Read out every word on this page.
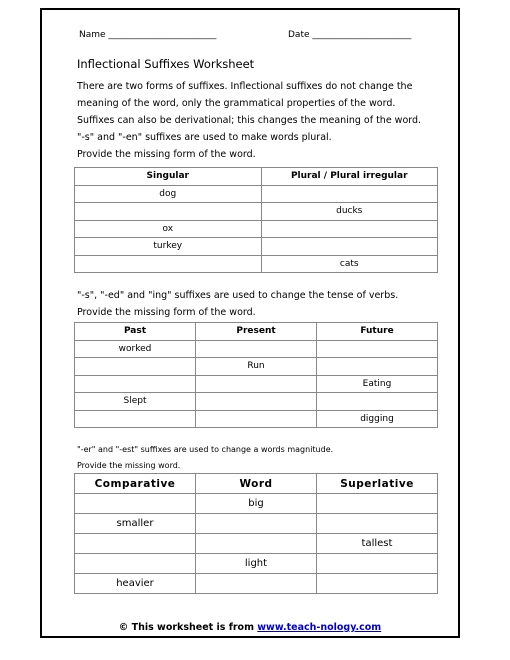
Name ________________________	Date ______________________
Inflectional Suffixes Worksheet
There are two forms of suffixes. Inflectional suffixes do not change the
meaning of the word, only the grammatical properties of the word.
Suffixes can also be derivational; this changes the meaning of the word.
"-s" and "-en" suffixes are used to make words plural.
Provide the missing form of the word.
Singular	Plural / Plural irregular
dog	
	ducks
ox	
turkey	
	cats
"-s", "-ed" and "ing" suffixes are used to change the tense of verbs.
Provide the missing form of the word.
Past	Present	Future
worked		
	Run	
		Eating
Slept		
		digging
"-er" and "-est" suffixes are used to change a words magnitude.
Provide the missing word.
Comparative	Word	Superlative
	big	
smaller		
		tallest
	light	
heavier		
© This worksheet is from www.teach-nology.com
